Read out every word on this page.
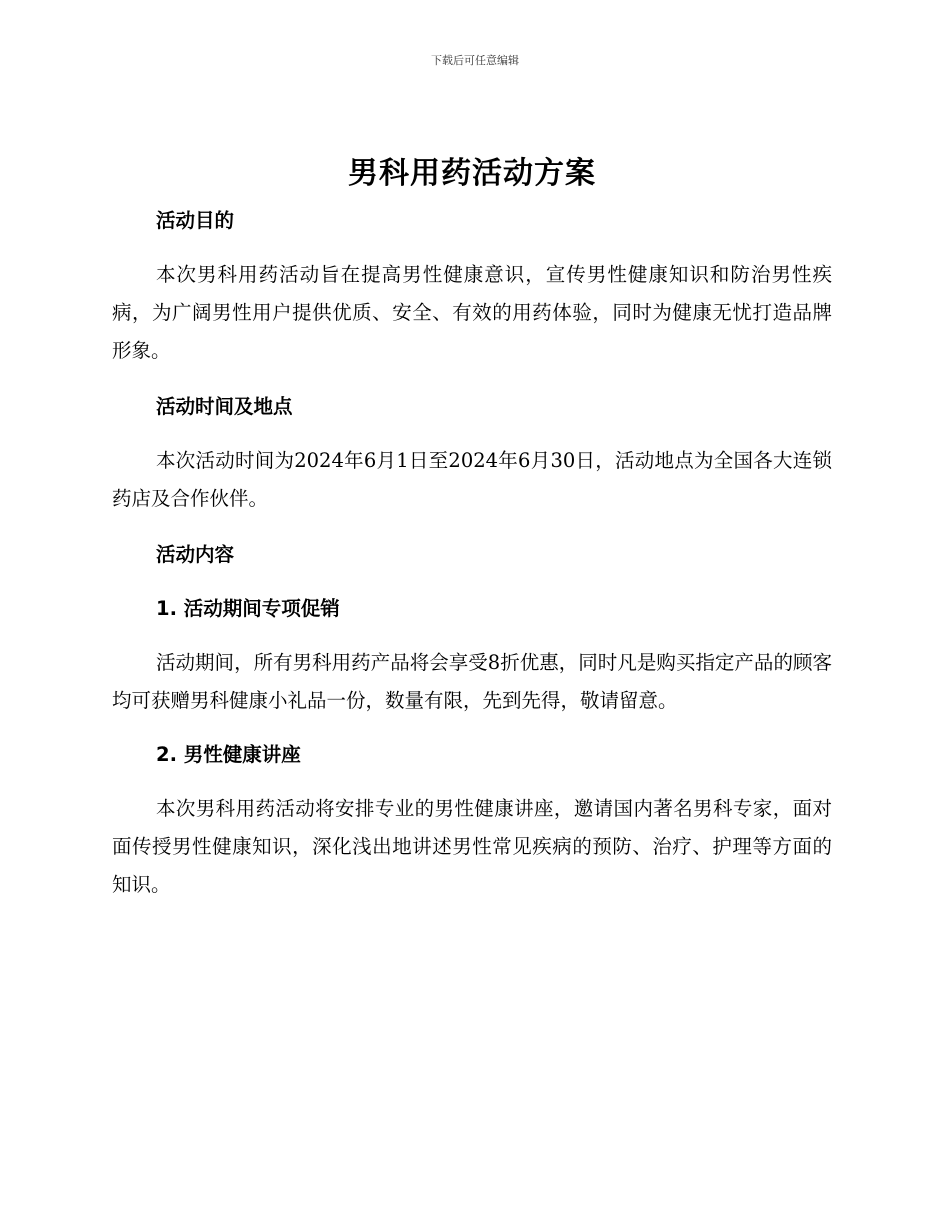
下载后可任意编辑
男科用药活动方案
活动目的

本次男科用药活动旨在提高男性健康意识，宣传男性健康知识和防治男性疾病，为广阔男性用户提供优质、安全、有效的用药体验，同时为健康无忧打造品牌形象。

活动时间及地点

本次活动时间为2024年6月1日至2024年6月30日，活动地点为全国各大连锁药店及合作伙伴。

活动内容
1. 活动期间专项促销

活动期间，所有男科用药产品将会享受8折优惠，同时凡是购买指定产品的顾客均可获赠男科健康小礼品一份，数量有限，先到先得，敬请留意。

2. 男性健康讲座

本次男科用药活动将安排专业的男性健康讲座，邀请国内著名男科专家，面对面传授男性健康知识，深化浅出地讲述男性常见疾病的预防、治疗、护理等方面的知识。
